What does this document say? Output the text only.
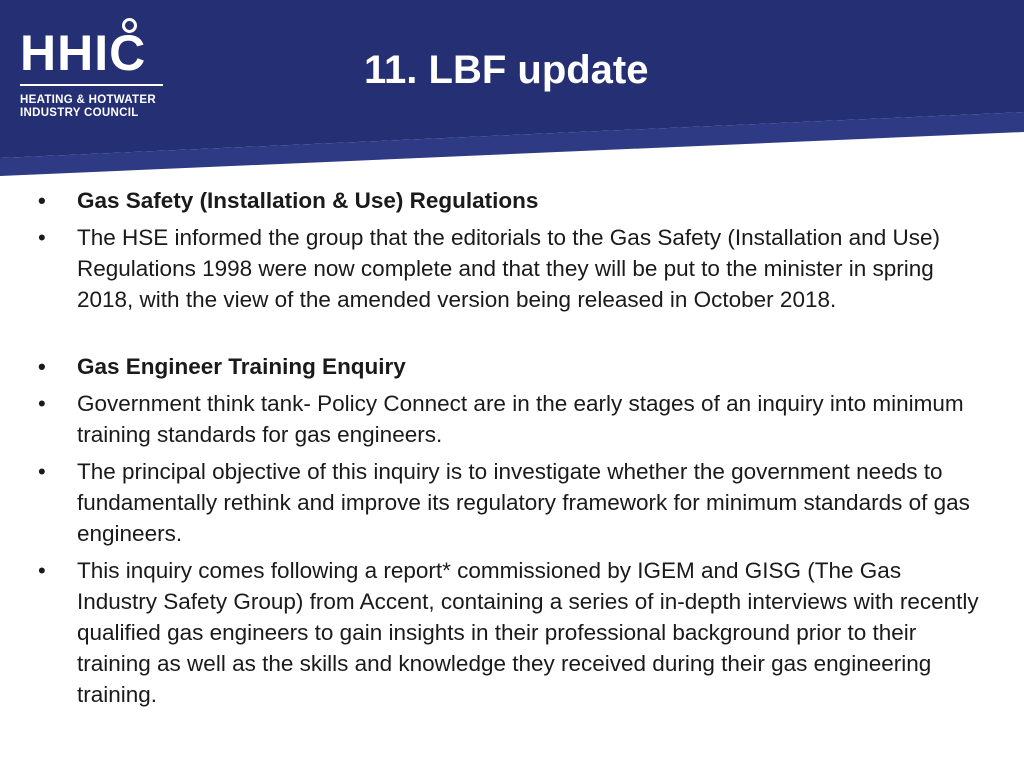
HHIC
HEATING & HOTWATER
INDUSTRY COUNCIL
11. LBF update
• Gas Safety (Installation & Use) Regulations
• The HSE informed the group that the editorials to the Gas Safety (Installation and Use) Regulations 1998 were now complete and that they will be put to the minister in spring 2018, with the view of the amended version being released in October 2018.
• Gas Engineer Training Enquiry
• Government think tank- Policy Connect are in the early stages of an inquiry into minimum training standards for gas engineers.
• The principal objective of this inquiry is to investigate whether the government needs to fundamentally rethink and improve its regulatory framework for minimum standards of gas engineers.
• This inquiry comes following a report* commissioned by IGEM and GISG (The Gas Industry Safety Group) from Accent, containing a series of in-depth interviews with recently qualified gas engineers to gain insights in their professional background prior to their training as well as the skills and knowledge they received during their gas engineering training.
